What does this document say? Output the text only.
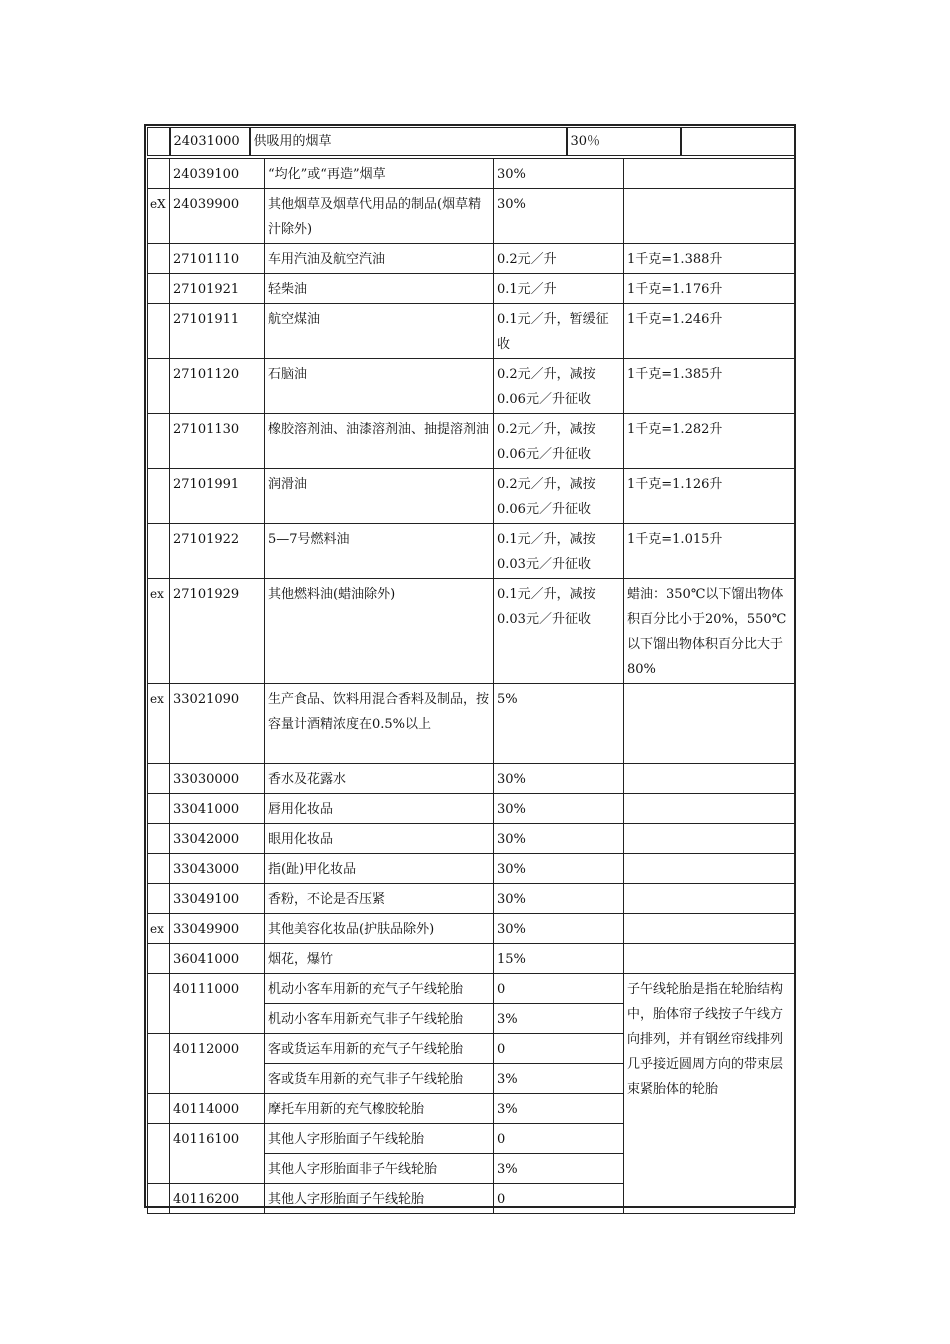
	24031000	供吸用的烟草	30％	
	24039100	“均化”或“再造”烟草	30%	
eX	24039900	其他烟草及烟草代用品的制品(烟草精汁除外)	30%	
	27101110	车用汽油及航空汽油	0.2元／升	1千克=1.388升
	27101921	轻柴油	0.1元／升	1千克=1.176升
	27101911	航空煤油	0.1元／升，暂缓征收	1千克=1.246升
	27101120	石脑油	0.2元／升，减按0.06元／升征收	1千克=1.385升
	27101130	橡胶溶剂油、油漆溶剂油、抽提溶剂油	0.2元／升，减按0.06元／升征收	1千克=1.282升
	27101991	润滑油	0.2元／升，减按0.06元／升征收	1千克=1.126升
	27101922	5—7号燃料油	0.1元／升，减按0.03元／升征收	1千克=1.015升
ex	27101929	其他燃料油(蜡油除外)	0.1元／升，减按0.03元／升征收	蜡油：350℃以下馏出物体积百分比小于20%，550℃以下馏出物体积百分比大于80%
ex	33021090	生产食品、饮料用混合香料及制品，按容量计酒精浓度在0.5%以上	5%	
	33030000	香水及花露水	30%	
	33041000	唇用化妆品	30%	
	33042000	眼用化妆品	30%	
	33043000	指(趾)甲化妆品	30%	
	33049100	香粉，不论是否压紧	30%	
ex	33049900	其他美容化妆品(护肤品除外)	30%	
	36041000	烟花，爆竹	15%	
	40111000	机动小客车用新的充气子午线轮胎	0	子午线轮胎是指在轮胎结构中，胎体帘子线按子午线方向排列，并有钢丝帘线排列几乎接近圆周方向的带束层束紧胎体的轮胎
		机动小客车用新充气非子午线轮胎	3%	
	40112000	客或货运车用新的充气子午线轮胎	0	
		客或货车用新的充气非子午线轮胎	3%	
	40114000	摩托车用新的充气橡胶轮胎	3%	
	40116100	其他人字形胎面子午线轮胎	0	
		其他人字形胎面非子午线轮胎	3%	
	40116200	其他人字形胎面子午线轮胎	0	
